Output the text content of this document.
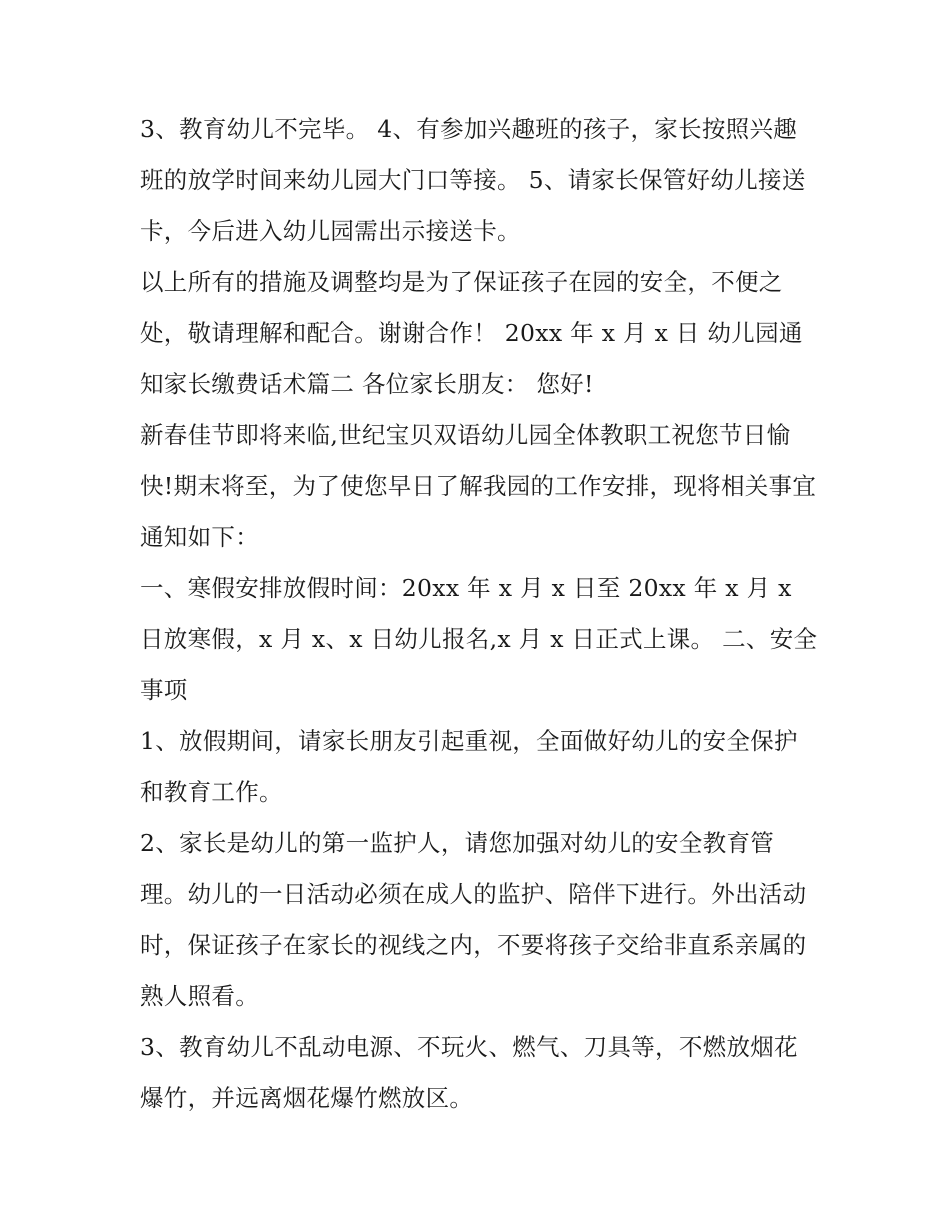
3、教育幼儿不完毕。 4、有参加兴趣班的孩子，家长按照兴趣班的放学时间来幼儿园大门口等接。 5、请家长保管好幼儿接送卡，今后进入幼儿园需出示接送卡。

以上所有的措施及调整均是为了保证孩子在园的安全，不便之处，敬请理解和配合。谢谢合作！ 20xx 年 x 月 x 日 幼儿园通知家长缴费话术篇二 各位家长朋友： 您好!

新春佳节即将来临,世纪宝贝双语幼儿园全体教职工祝您节日愉快!期末将至，为了使您早日了解我园的工作安排，现将相关事宜通知如下：

一、寒假安排放假时间：20xx 年 x 月 x 日至 20xx 年 x 月 x 日放寒假，x 月 x、x 日幼儿报名,x 月 x 日正式上课。 二、安全事项

1、放假期间，请家长朋友引起重视，全面做好幼儿的安全保护和教育工作。

2、家长是幼儿的第一监护人，请您加强对幼儿的安全教育管理。幼儿的一日活动必须在成人的监护、陪伴下进行。外出活动时，保证孩子在家长的视线之内，不要将孩子交给非直系亲属的熟人照看。

3、教育幼儿不乱动电源、不玩火、燃气、刀具等，不燃放烟花爆竹，并远离烟花爆竹燃放区。
